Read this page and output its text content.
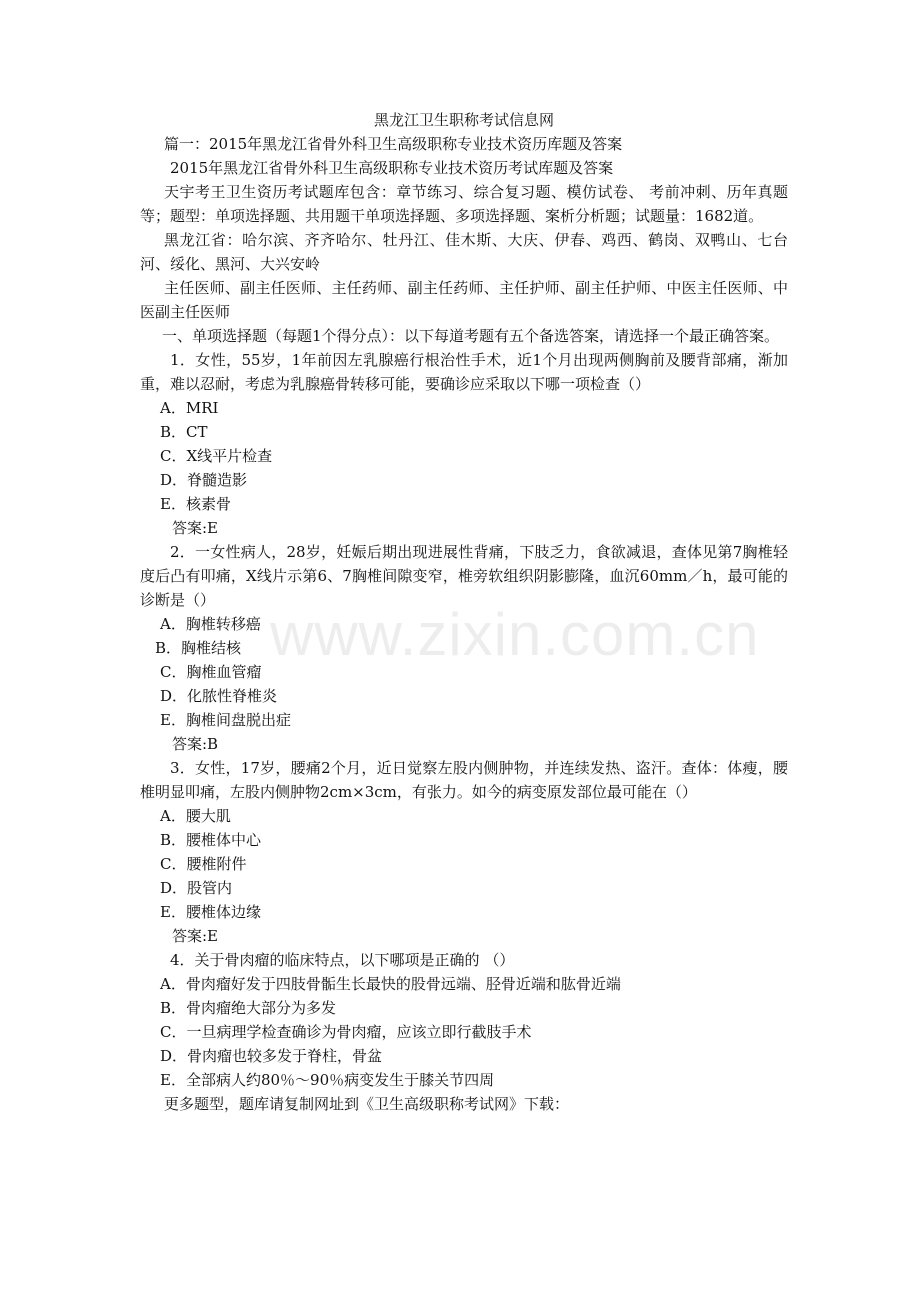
www.zixin.com.cn
黑龙江卫生职称考试信息网

篇一：2015年黑龙江省骨外科卫生高级职称专业技术资历库题及答案

2015年黑龙江省骨外科卫生高级职称专业技术资历考试库题及答案

天宇考王卫生资历考试题库包含：章节练习、综合复习题、模仿试卷、 考前冲刺、历年真题等；题型：单项选择题、共用题干单项选择题、多项选择题、案析分析题；试题量：1682道。

黑龙江省：哈尔滨、齐齐哈尔、牡丹江、佳木斯、大庆、伊春、鸡西、鹤岗、双鸭山、七台河、绥化、黑河、大兴安岭

主任医师、副主任医师、主任药师、副主任药师、主任护师、副主任护师、中医主任医师、中医副主任医师

一、单项选择题（每题1个得分点）：以下每道考题有五个备选答案，请选择一个最正确答案。

1．女性，55岁，1年前因左乳腺癌行根治性手术，近1个月出现两侧胸前及腰背部痛，渐加重，难以忍耐，考虑为乳腺癌骨转移可能，要确诊应采取以下哪一项检查（）

A．MRI

B．CT

C．X线平片检查

D．脊髓造影

E．核素骨

答案:E

2．一女性病人，28岁，妊娠后期出现进展性背痛，下肢乏力，食欲减退，查体见第7胸椎轻度后凸有叩痛，X线片示第6、7胸椎间隙变窄，椎旁软组织阴影膨隆，血沉60mm／h，最可能的诊断是（）

A．胸椎转移癌

B．胸椎结核

C．胸椎血管瘤

D．化脓性脊椎炎

E．胸椎间盘脱出症

答案:B

3．女性，17岁，腰痛2个月，近日觉察左股内侧肿物，并连续发热、盗汗。查体：体瘦，腰椎明显叩痛，左股内侧肿物2cm×3cm，有张力。如今的病变原发部位最可能在（）

A．腰大肌

B．腰椎体中心

C．腰椎附件

D．股管内

E．腰椎体边缘

答案:E

4．关于骨肉瘤的临床特点，以下哪项是正确的 （）

A．骨肉瘤好发于四肢骨骺生长最快的股骨远端、胫骨近端和肱骨近端

B．骨肉瘤绝大部分为多发

C．一旦病理学检查确诊为骨肉瘤，应该立即行截肢手术

D．骨肉瘤也较多发于脊柱，骨盆

E．全部病人约80％～90％病变发生于膝关节四周

更多题型，题库请复制网址到《卫生高级职称考试网》下载：
